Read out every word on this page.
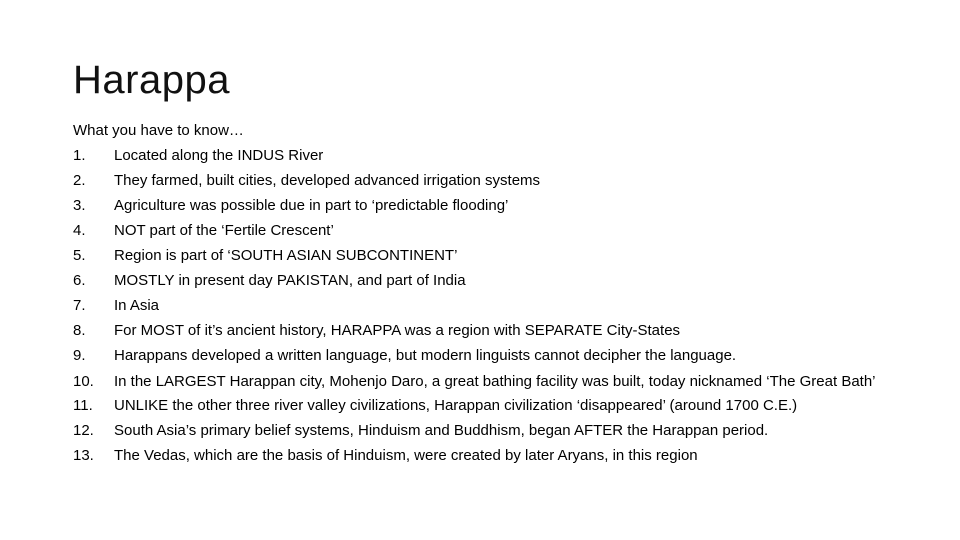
Harappa
What you have to know…
1. Located along the INDUS River
2. They farmed, built cities, developed advanced irrigation systems
3. Agriculture was possible due in part to ‘predictable flooding’
4. NOT part of the ‘Fertile Crescent’
5. Region is part of ‘SOUTH ASIAN SUBCONTINENT’
6. MOSTLY in present day PAKISTAN, and part of India
7. In Asia
8. For MOST of it’s ancient history, HARAPPA was a region with SEPARATE City-States
9. Harappans developed a written language, but modern linguists cannot decipher the language.
10. In the LARGEST Harappan city, Mohenjo Daro, a great bathing facility was built, today nicknamed ‘The Great Bath’
11. UNLIKE the other three river valley civilizations, Harappan civilization ‘disappeared’ (around 1700 C.E.)
12. South Asia’s primary belief systems, Hinduism and Buddhism, began AFTER the Harappan period.
13. The Vedas, which are the basis of Hinduism, were created by later Aryans, in this region
